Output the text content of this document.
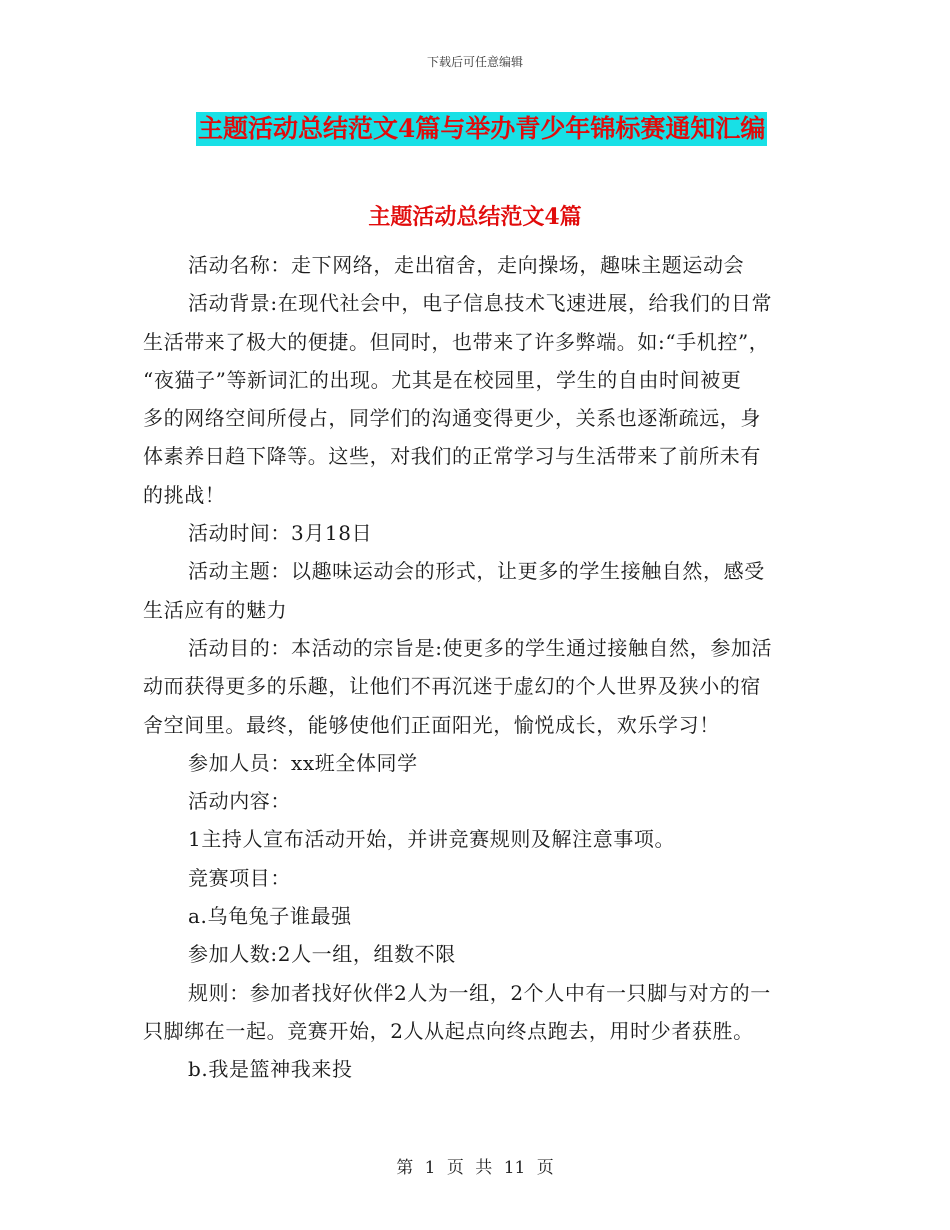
下载后可任意编辑
主题活动总结范文4篇与举办青少年锦标赛通知汇编
主题活动总结范文4篇
活动名称：走下网络，走出宿舍，走向操场，趣味主题运动会
活动背景:在现代社会中，电子信息技术飞速进展，给我们的日常
生活带来了极大的便捷。但同时，也带来了许多弊端。如:“手机控”，
“夜猫子”等新词汇的出现。尤其是在校园里，学生的自由时间被更
多的网络空间所侵占，同学们的沟通变得更少，关系也逐渐疏远，身
体素养日趋下降等。这些，对我们的正常学习与生活带来了前所未有
的挑战！
活动时间：3月18日
活动主题：以趣味运动会的形式，让更多的学生接触自然，感受
生活应有的魅力
活动目的：本活动的宗旨是:使更多的学生通过接触自然，参加活
动而获得更多的乐趣，让他们不再沉迷于虚幻的个人世界及狭小的宿
舍空间里。最终，能够使他们正面阳光，愉悦成长，欢乐学习！
参加人员：xx班全体同学
活动内容：
1主持人宣布活动开始，并讲竞赛规则及解注意事项。
竞赛项目：
a.乌龟兔子谁最强
参加人数:2人一组，组数不限
规则：参加者找好伙伴2人为一组，2个人中有一只脚与对方的一
只脚绑在一起。竞赛开始，2人从起点向终点跑去，用时少者获胜。
b.我是篮神我来投
第 1 页 共 11 页
